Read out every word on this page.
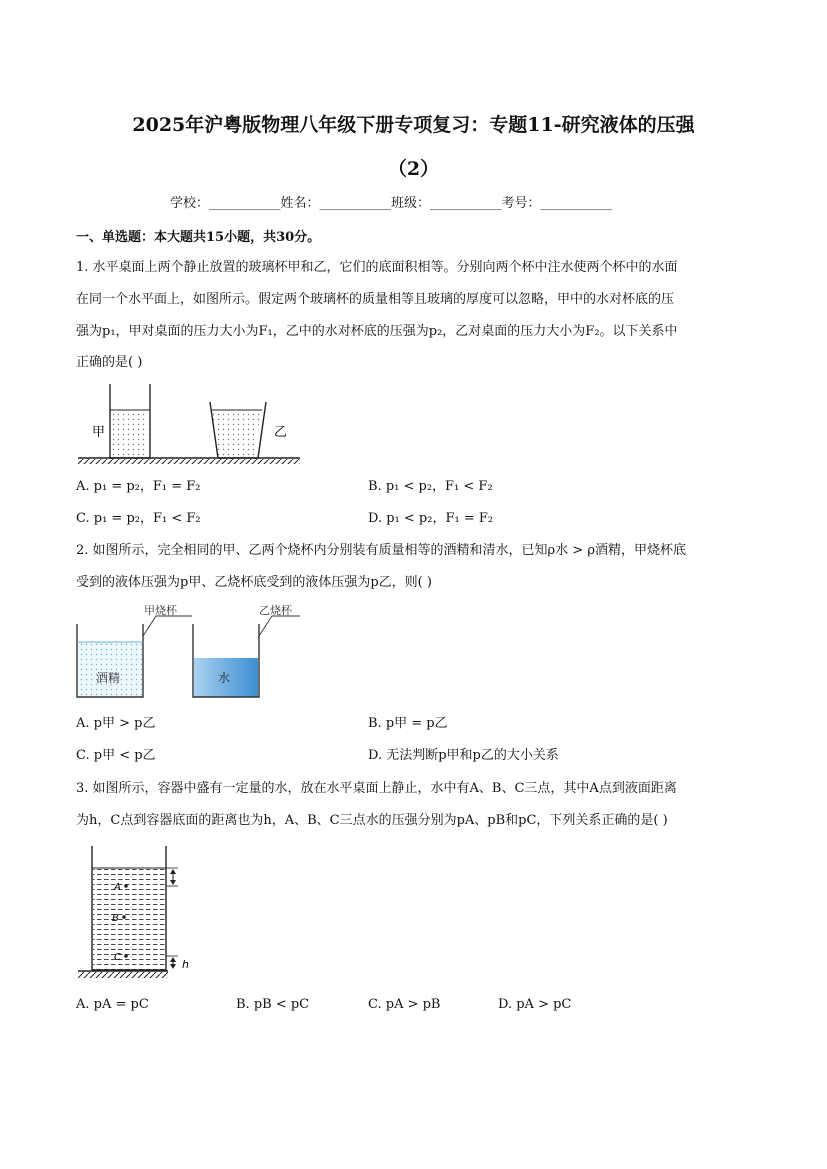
2025年沪粤版物理八年级下册专项复习：专题11-研究液体的压强
（2）
学校：___________姓名：___________班级：___________考号：___________
一、单选题：本大题共15小题，共30分。
1. 水平桌面上两个静止放置的玻璃杯甲和乙，它们的底面积相等。分别向两个杯中注水使两个杯中的水面
在同一个水平面上，如图所示。假定两个玻璃杯的质量相等且玻璃的厚度可以忽略，甲中的水对杯底的压
强为p₁，甲对桌面的压力大小为F₁，乙中的水对杯底的压强为p₂，乙对桌面的压力大小为F₂。以下关系中
正确的是( )
甲	乙
A. p₁ = p₂，F₁ = F₂	B. p₁ < p₂，F₁ < F₂
C. p₁ = p₂，F₁ < F₂	D. p₁ < p₂，F₁ = F₂
2. 如图所示，完全相同的甲、乙两个烧杯内分别装有质量相等的酒精和清水，已知ρ水 > ρ酒精，甲烧杯底
受到的液体压强为p甲、乙烧杯底受到的液体压强为p乙，则( )
甲烧杯
酒精
乙烧杯
水
A. p甲 > p乙	B. p甲 = p乙
C. p甲 < p乙	D. 无法判断p甲和p乙的大小关系
3. 如图所示，容器中盛有一定量的水，放在水平桌面上静止，水中有A、B、C三点，其中A点到液面距离
为h，C点到容器底面的距离也为h，A、B、C三点水的压强分别为pA、pB和pC，下列关系正确的是( )
A
B
C
h
A. pA = pC	B. pB < pC	C. pA > pB	D. pA > pC
